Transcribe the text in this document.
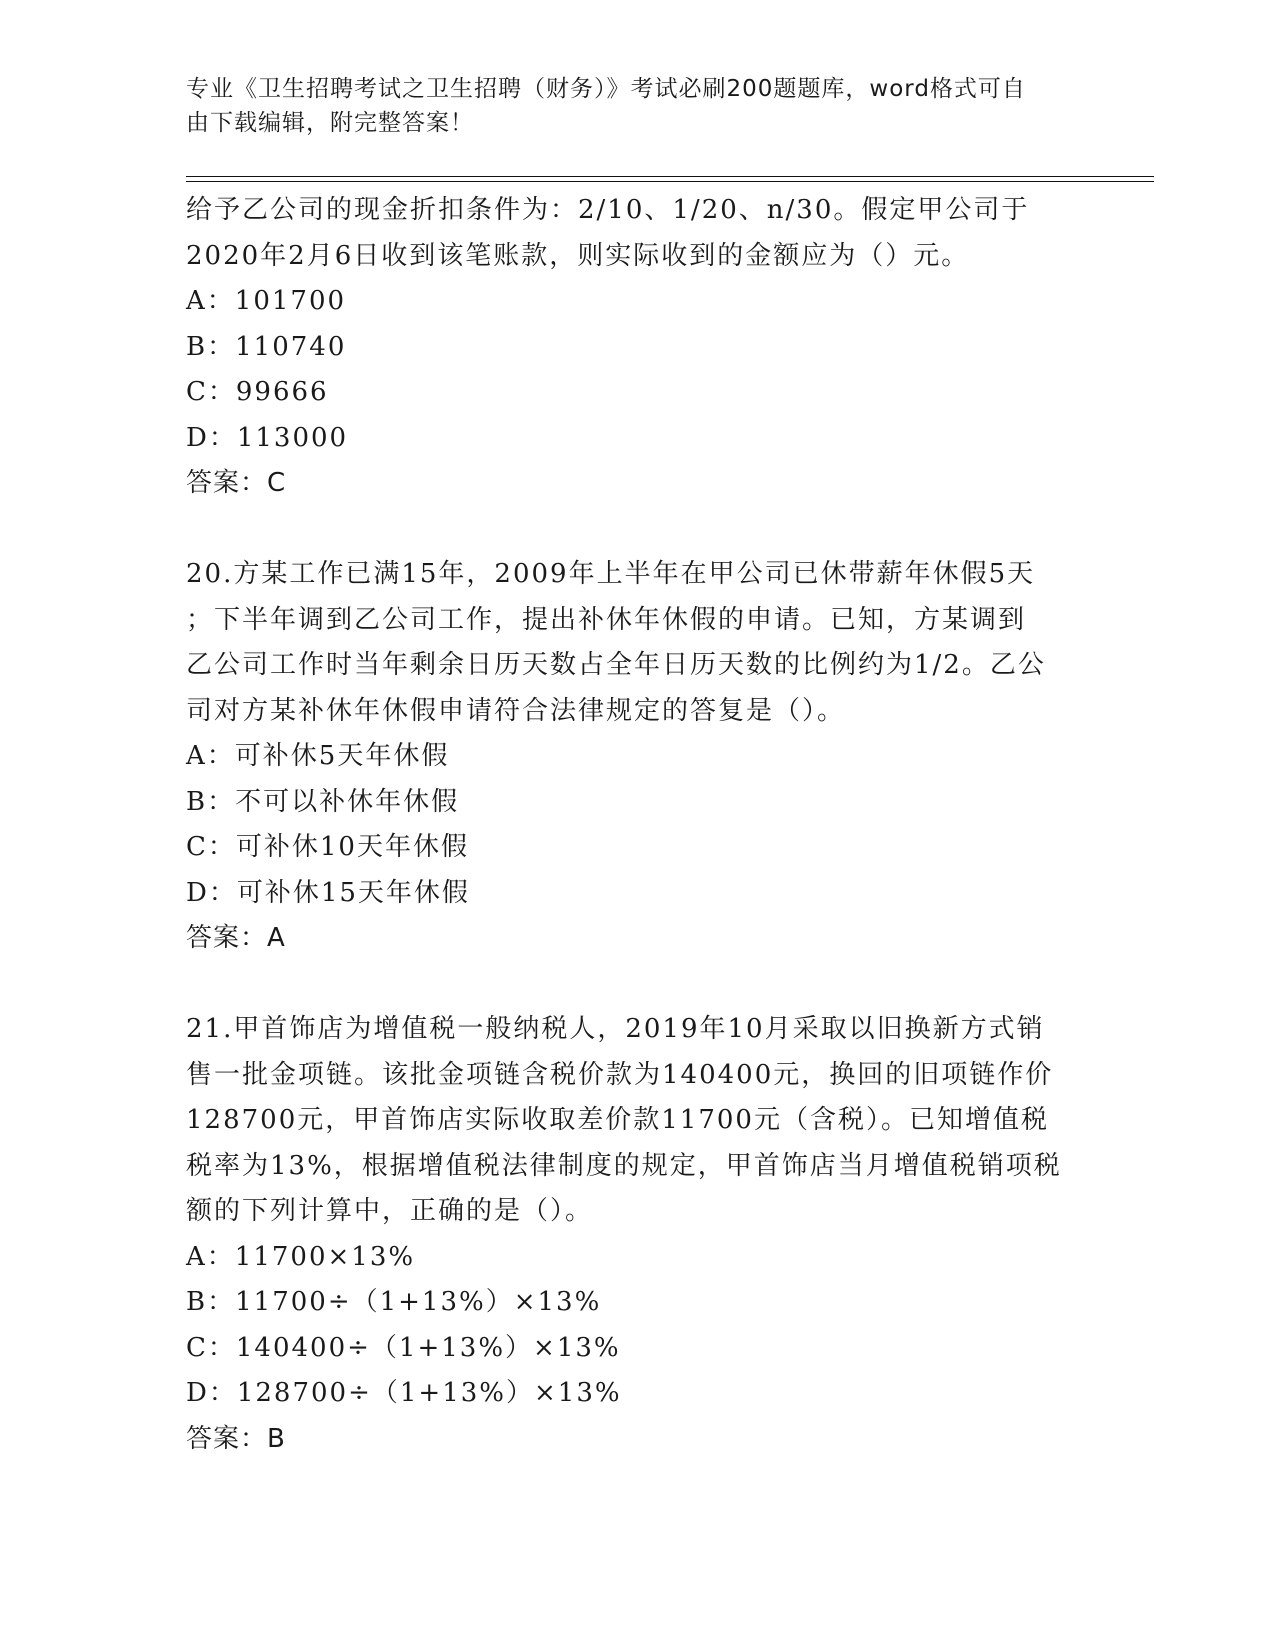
专业《卫生招聘考试之卫生招聘（财务）》考试必刷200题题库，word格式可自
由下载编辑，附完整答案！

给予乙公司的现金折扣条件为：2/10、1/20、n/30。假定甲公司于
2020年2月6日收到该笔账款，则实际收到的金额应为（）元。

A：101700

B：110740

C：99666

D：113000

答案：C

20.方某工作已满15年，2009年上半年在甲公司已休带薪年休假5天
；下半年调到乙公司工作，提出补休年休假的申请。已知，方某调到
乙公司工作时当年剩余日历天数占全年日历天数的比例约为1/2。乙公
司对方某补休年休假申请符合法律规定的答复是（）。

A：可补休5天年休假

B：不可以补休年休假

C：可补休10天年休假

D：可补休15天年休假

答案：A

21.甲首饰店为增值税一般纳税人，2019年10月采取以旧换新方式销
售一批金项链。该批金项链含税价款为140400元，换回的旧项链作价
128700元，甲首饰店实际收取差价款11700元（含税）。已知增值税
税率为13%，根据增值税法律制度的规定，甲首饰店当月增值税销项税
额的下列计算中，正确的是（）。

A：11700×13%

B：11700÷（1+13%）×13%

C：140400÷（1+13%）×13%

D：128700÷（1+13%）×13%

答案：B
